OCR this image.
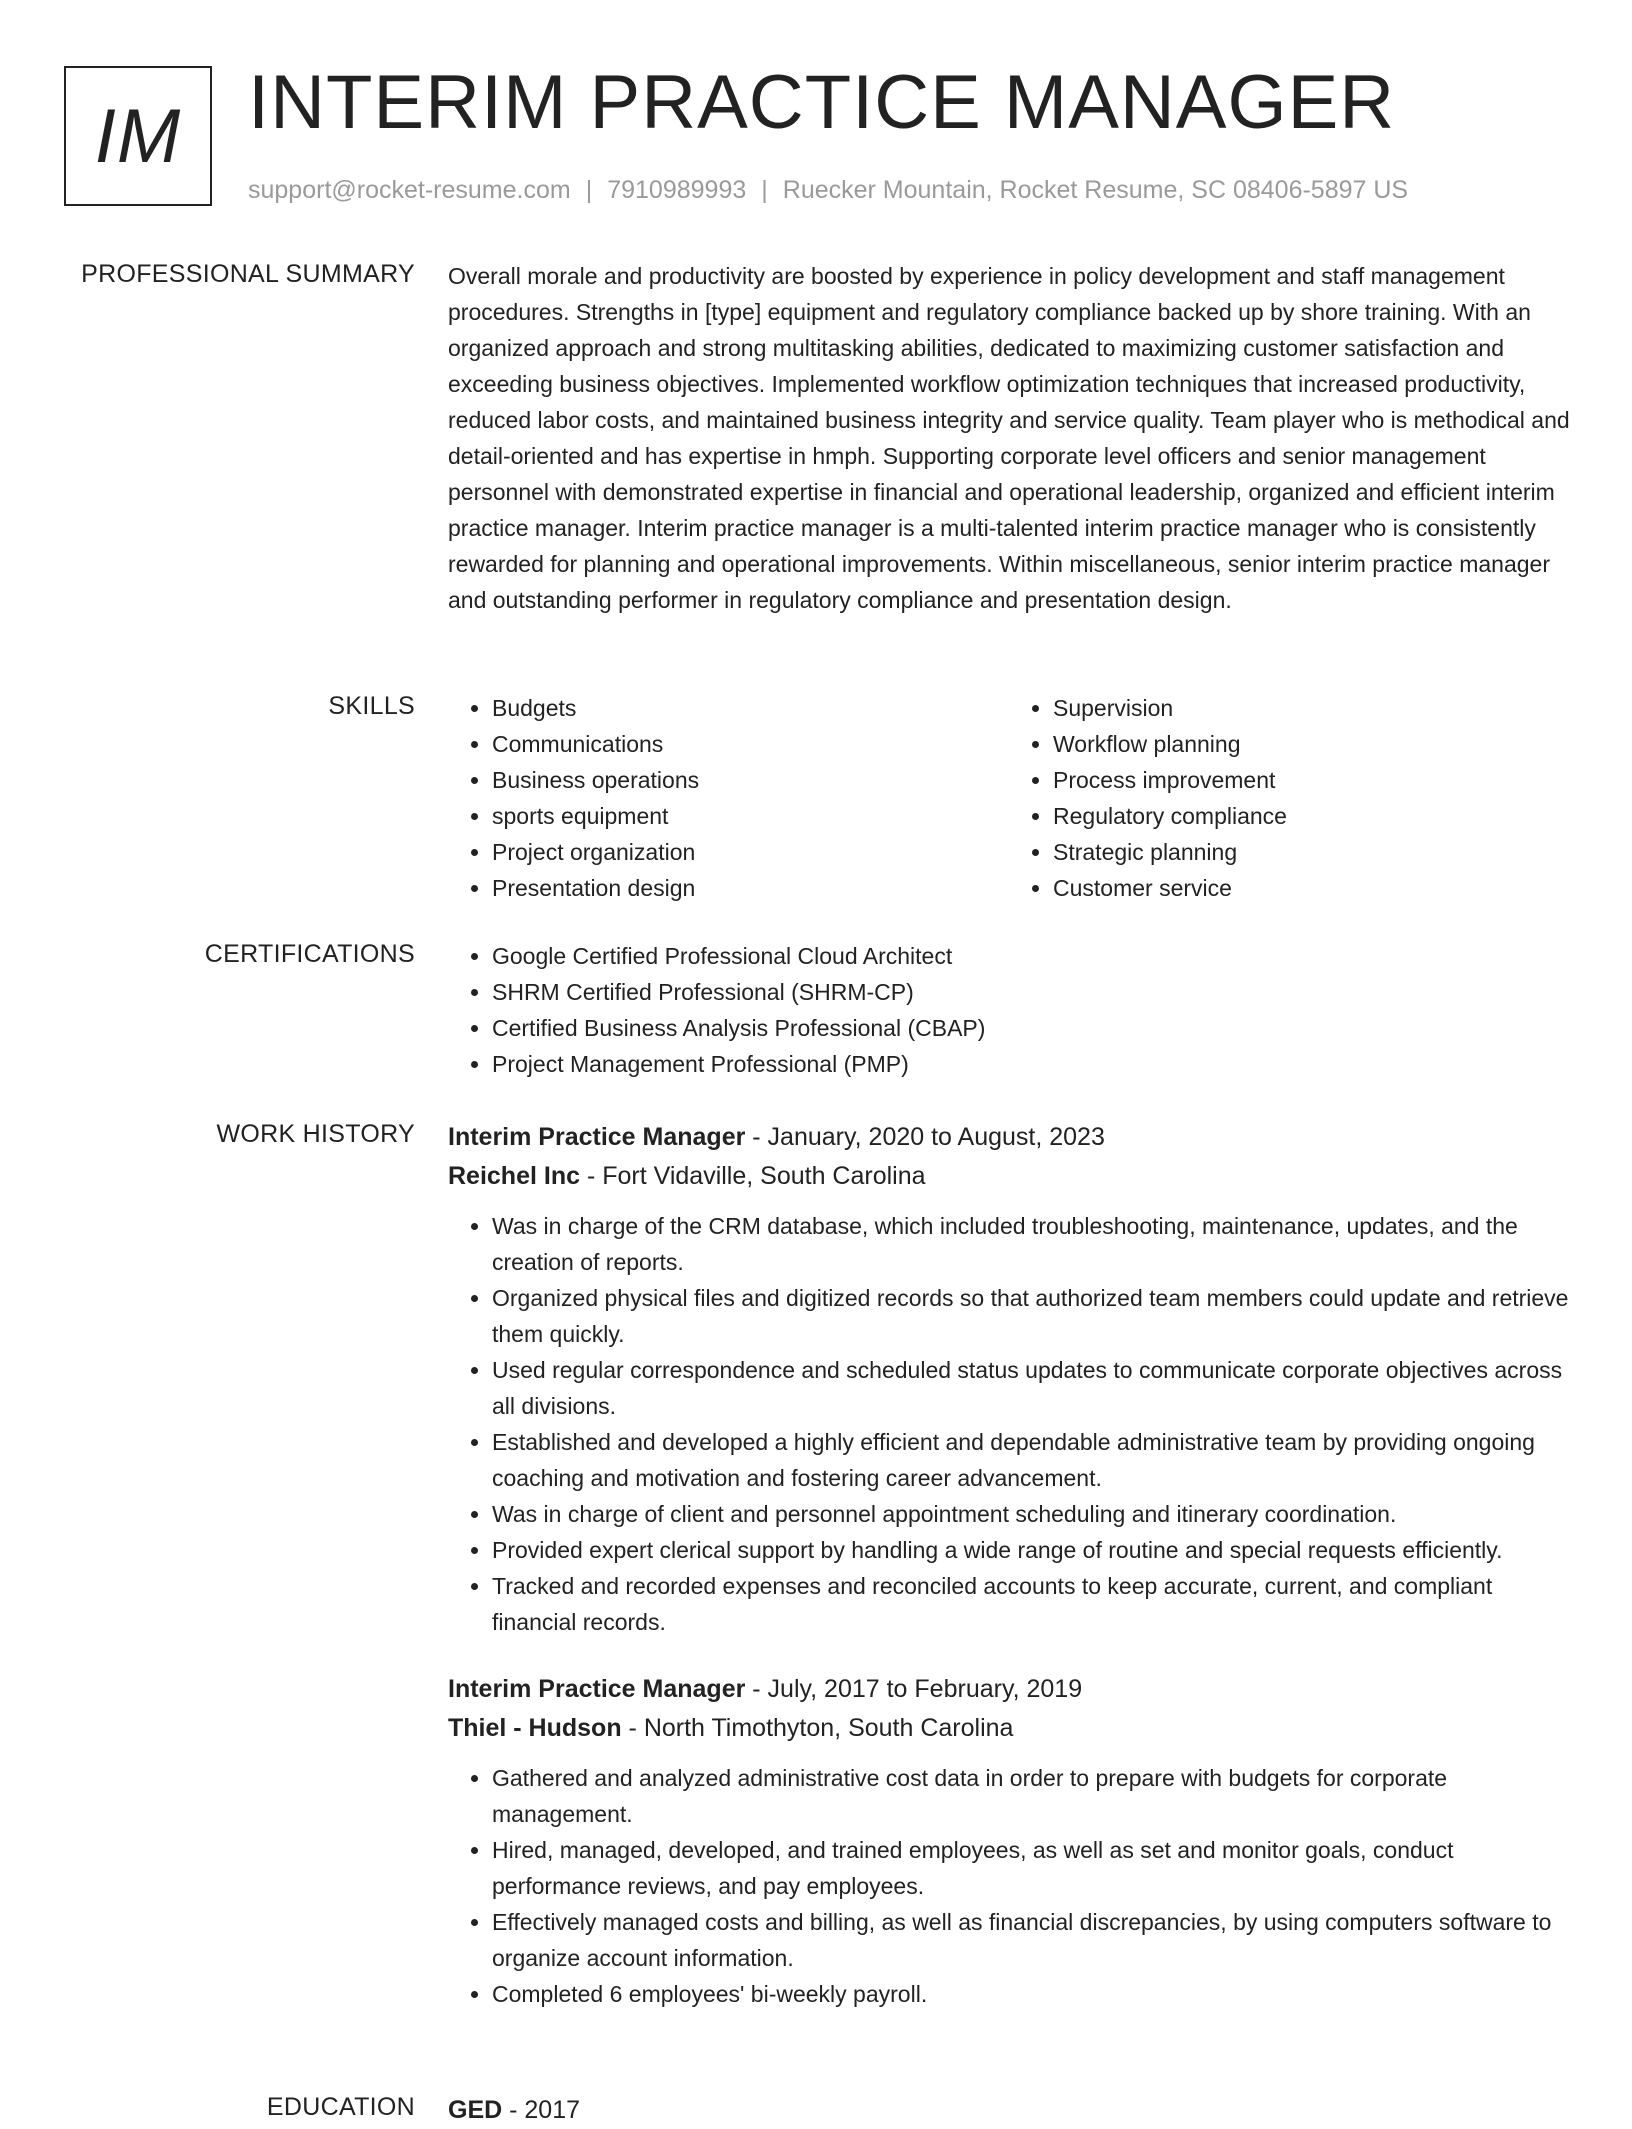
IM INTERIM PRACTICE MANAGER
support@rocket-resume.com | 7910989993 | Ruecker Mountain, Rocket Resume, SC 08406-5897 US
PROFESSIONAL SUMMARY Overall morale and productivity are boosted by experience in policy development and staff management procedures. Strengths in [type] equipment and regulatory compliance backed up by shore training. With an organized approach and strong multitasking abilities, dedicated to maximizing customer satisfaction and exceeding business objectives. Implemented workflow optimization techniques that increased productivity, reduced labor costs, and maintained business integrity and service quality. Team player who is methodical and detail-oriented and has expertise in hmph. Supporting corporate level officers and senior management personnel with demonstrated expertise in financial and operational leadership, organized and efficient interim practice manager. Interim practice manager is a multi-talented interim practice manager who is consistently rewarded for planning and operational improvements. Within miscellaneous, senior interim practice manager and outstanding performer in regulatory compliance and presentation design.

SKILLS	• Budgets
• Communications
• Business operations
• sports equipment
• Project organization
• Presentation design
• Supervision
• Workflow planning
• Process improvement
• Regulatory compliance
• Strategic planning
• Customer service
CERTIFICATIONS	• Google Certified Professional Cloud Architect
• SHRM Certified Professional (SHRM-CP)
• Certified Business Analysis Professional (CBAP)
• Project Management Professional (PMP)
WORK HISTORY Interim Practice Manager - January, 2020 to August, 2023
Reichel Inc - Fort Vidaville, South Carolina
• Was in charge of the CRM database, which included troubleshooting, maintenance, updates, and the creation of reports.
• Organized physical files and digitized records so that authorized team members could update and retrieve them quickly.
• Used regular correspondence and scheduled status updates to communicate corporate objectives across all divisions.
• Established and developed a highly efficient and dependable administrative team by providing ongoing coaching and motivation and fostering career advancement.
• Was in charge of client and personnel appointment scheduling and itinerary coordination.
• Provided expert clerical support by handling a wide range of routine and special requests efficiently.
• Tracked and recorded expenses and reconciled accounts to keep accurate, current, and compliant financial records.
Interim Practice Manager - July, 2017 to February, 2019
Thiel - Hudson - North Timothyton, South Carolina
• Gathered and analyzed administrative cost data in order to prepare with budgets for corporate management.
• Hired, managed, developed, and trained employees, as well as set and monitor goals, conduct performance reviews, and pay employees.
• Effectively managed costs and billing, as well as financial discrepancies, by using computers software to organize account information.
• Completed 6 employees' bi-weekly payroll.
EDUCATION GED - 2017
